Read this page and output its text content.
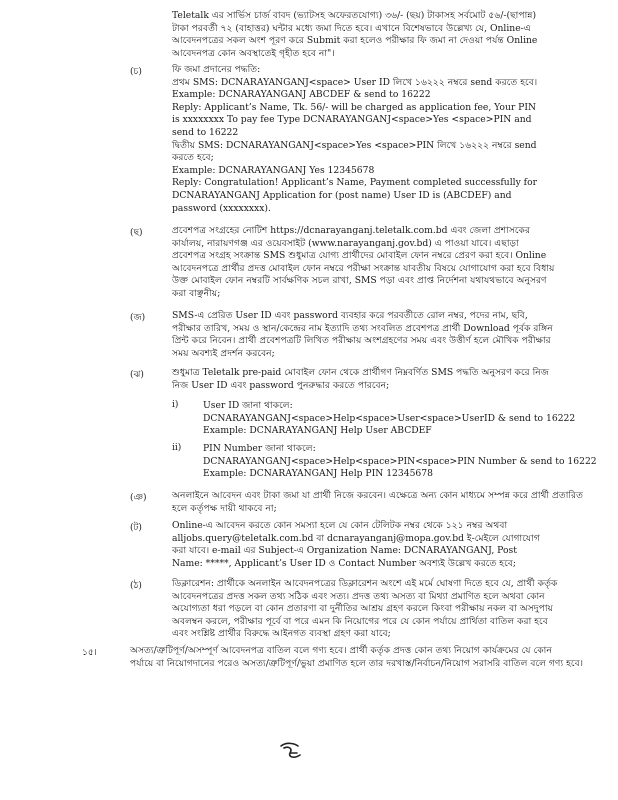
Teletalk এর সার্ভিস চার্জ বাবদ (ভ্যাটসহ অফেরতযোগ্য) ৩৬/- (ছয়) টাকাসহ সর্বমোট ৫৬/-(ছাপান্ন)
টাকা পরবর্তী ৭২ (বাহাত্তর) ঘন্টার মধ্যে জমা দিতে হবে। এখানে বিশেষভাবে উল্লেখ্য যে, Online-এ
আবেদনপত্রের সকল অংশ পূরণ করে Submit করা হলেও পরীক্ষার ফি জমা না দেওয়া পর্যন্ত Online
আবেদনপত্র কোন অবস্থাতেই গৃহীত হবে না"।
(চ)	ফি জমা প্রদানের পদ্ধতি:
প্রথম SMS: DCNARAYANGANJ<space> User ID লিখে ১৬২২২ নম্বরে send করতে হবে।
Example: DCNARAYANGANJ ABCDEF & send to 16222
Reply: Applicant’s Name, Tk. 56/- will be charged as application fee, Your PIN
is xxxxxxxx To pay fee Type DCNARAYANGANJ<space>Yes <space>PIN and
send to 16222
দ্বিতীয় SMS: DCNARAYANGANJ<space>Yes <space>PIN লিখে ১৬২২২ নম্বরে send
করতে হবে;
Example: DCNARAYANGANJ Yes 12345678
Reply: Congratulation! Applicant’s Name, Payment completed successfully for
DCNARAYANGANJ Application for (post name) User ID is (ABCDEF) and
password (xxxxxxxx).
(ছ)	প্রবেশপত্র সংগ্রহের নোটিশ https://dcnarayanganj.teletalk.com.bd এবং জেলা প্রশাসকের
কার্যালয়, নারায়ণগঞ্জ এর ওয়েবসাইট (www.narayanganj.gov.bd) এ পাওয়া যাবে। এছাড়া
প্রবেশপত্র সংগ্রহ সংক্রান্ত SMS শুধুমাত্র যোগ্য প্রার্থীদের মোবাইল ফোন নম্বরে প্রেরণ করা হবে। Online
আবেদনপত্রে প্রার্থীর প্রদত্ত মোবাইল ফোন নম্বরে পরীক্ষা সংক্রান্ত যাবতীয় বিষয়ে যোগাযোগ করা হবে বিধায়
উক্ত মোবাইল ফোন নম্বরটি সার্বক্ষণিক সচল রাখা, SMS পড়া এবং প্রাপ্ত নির্দেশনা যথাযথভাবে অনুসরণ
করা বাঞ্ছনীয়;
(জ)	SMS-এ প্রেরিত User ID এবং password ব্যবহার করে পরবর্তীতে রোল নম্বর, পদের নাম, ছবি,
পরীক্ষার তারিখ, সময় ও স্থান/কেন্দ্রের নাম ইত্যাদি তথ্য সংবলিত প্রবেশপত্র প্রার্থী Download পূর্বক রঙ্গিন
প্রিন্ট করে নিবেন। প্রার্থী প্রবেশপত্রটি লিখিত পরীক্ষায় অংশগ্রহণের সময় এবং উত্তীর্ণ হলে মৌখিক পরীক্ষার
সময় অবশ্যই প্রদর্শন করবেন;
(ঝ)	শুধুমাত্র Teletalk pre-paid মোবাইল ফোন থেকে প্রার্থীগণ নিম্নবর্ণিত SMS পদ্ধতি অনুসরণ করে নিজ
নিজ User ID এবং password পুনরুদ্ধার করতে পারবেন;
i)	User ID জানা থাকলে:
DCNARAYANGANJ<space>Help<space>User<space>UserID & send to 16222
Example: DCNARAYANGANJ Help User ABCDEF
ii) PIN Number জানা থাকলে:
DCNARAYANGANJ<space>Help<space>PIN<space>PIN Number & send to 16222
Example: DCNARAYANGANJ Help PIN 12345678
(ঞ)	অনলাইনে আবেদন এবং টাকা জমা যা প্রার্থী নিজে করবেন। এক্ষেত্রে অন্য কোন মাধ্যমে সম্পন্ন করে প্রার্থী প্রতারিত
হলে কর্তৃপক্ষ দায়ী থাকবে না;
(ট)	Online-এ আবেদন করতে কোন সমস্যা হলে যে কোন টেলিটক নম্বর থেকে ১২১ নম্বর অথবা
alljobs.query@teletalk.com.bd বা dcnarayanganj@mopa.gov.bd ই-মেইলে যোগাযোগ
করা যাবে। e-mail এর Subject-এ Organization Name: DCNARAYANGANJ, Post
Name: *****, Applicant’s User ID ও Contact Number অবশ্যই উল্লেখ করতে হবে;
(ঠ)	ডিক্লারেশন: প্রার্থীকে অনলাইন আবেদনপত্রের ডিক্লারেশন অংশে এই মর্মে ঘোষণা দিতে হবে যে, প্রার্থী কর্তৃক
আবেদনপত্রের প্রদত্ত সকল তথ্য সঠিক এবং সত্য। প্রদত্ত তথ্য অসত্য বা মিথ্যা প্রমাণিত হলে অথবা কোন
অযোগ্যতা ধরা পড়লে বা কোন প্রতারণা বা দুর্নীতির আশ্রয় গ্রহণ করলে কিংবা পরীক্ষায় নকল বা অসদুপায়
অবলম্বন করলে, পরীক্ষার পূর্বে বা পরে এমন কি নিয়োগের পরে যে কোন পর্যায়ে প্রার্থিতা বাতিল করা হবে
এবং সংশ্লিষ্ট প্রার্থীর বিরুদ্ধে আইনগত ব্যবস্থা গ্রহণ করা যাবে;
১৫।	অসত্য/ত্রুটিপূর্ণ/অসম্পূর্ণ আবেদনপত্র বাতিল বলে গণ্য হবে। প্রার্থী কর্তৃক প্রদত্ত কোন তথ্য নিয়োগ কার্যক্রমের যে কোন
পর্যায়ে বা নিয়োগদানের পরেও অসত্য/ত্রুটিপূর্ণ/ভুয়া প্রমাণিত হলে তার দরখাস্ত/নির্বাচন/নিয়োগ সরাসরি বাতিল বলে গণ্য হবে।
